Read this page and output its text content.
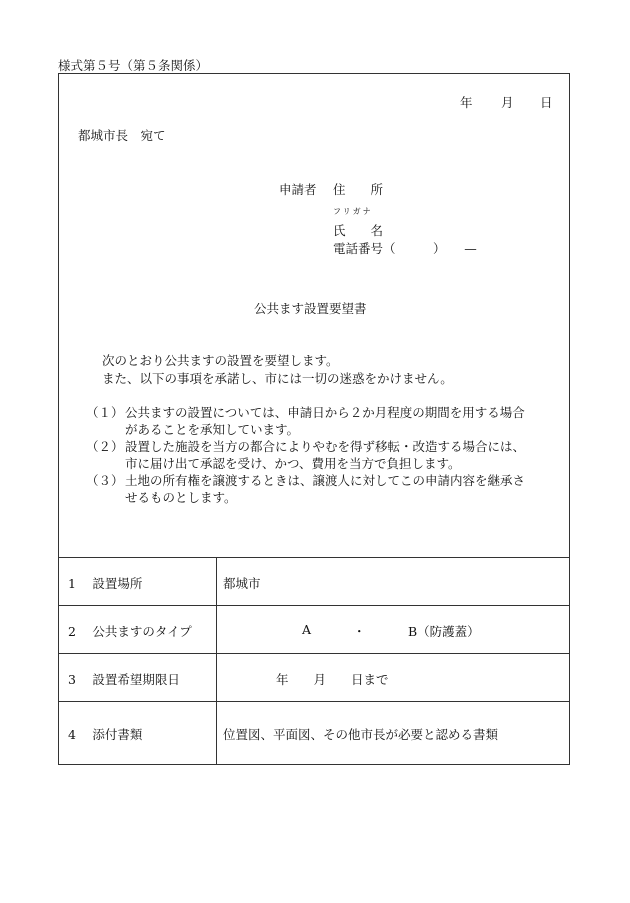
様式第５号（第５条関係）
年 月 日
都城市長　宛て
申請者 住　　所
フリガナ
氏　　名
電話番号（　　　）　　—
公共ます設置要望書
次のとおり公共ますの設置を要望します。
また、以下の事項を承諾し、市には一切の迷惑をかけません。
（１） 公共ますの設置については、申請日から２か月程度の期間を用する場合
があることを承知しています。
（２） 設置した施設を当方の都合によりやむを得ず移転・改造する場合には、
市に届け出て承認を受け、かつ、費用を当方で負担します。
（３） 土地の所有権を譲渡するときは、譲渡人に対してこの申請内容を継承さ
せるものとします。
1　 設置場所	都城市
2　 公共ますのタイプ	A	・	B（防護蓋）
3　 設置希望期限日	年　　月　　日まで
4　 添付書類	位置図、平面図、その他市長が必要と認める書類
